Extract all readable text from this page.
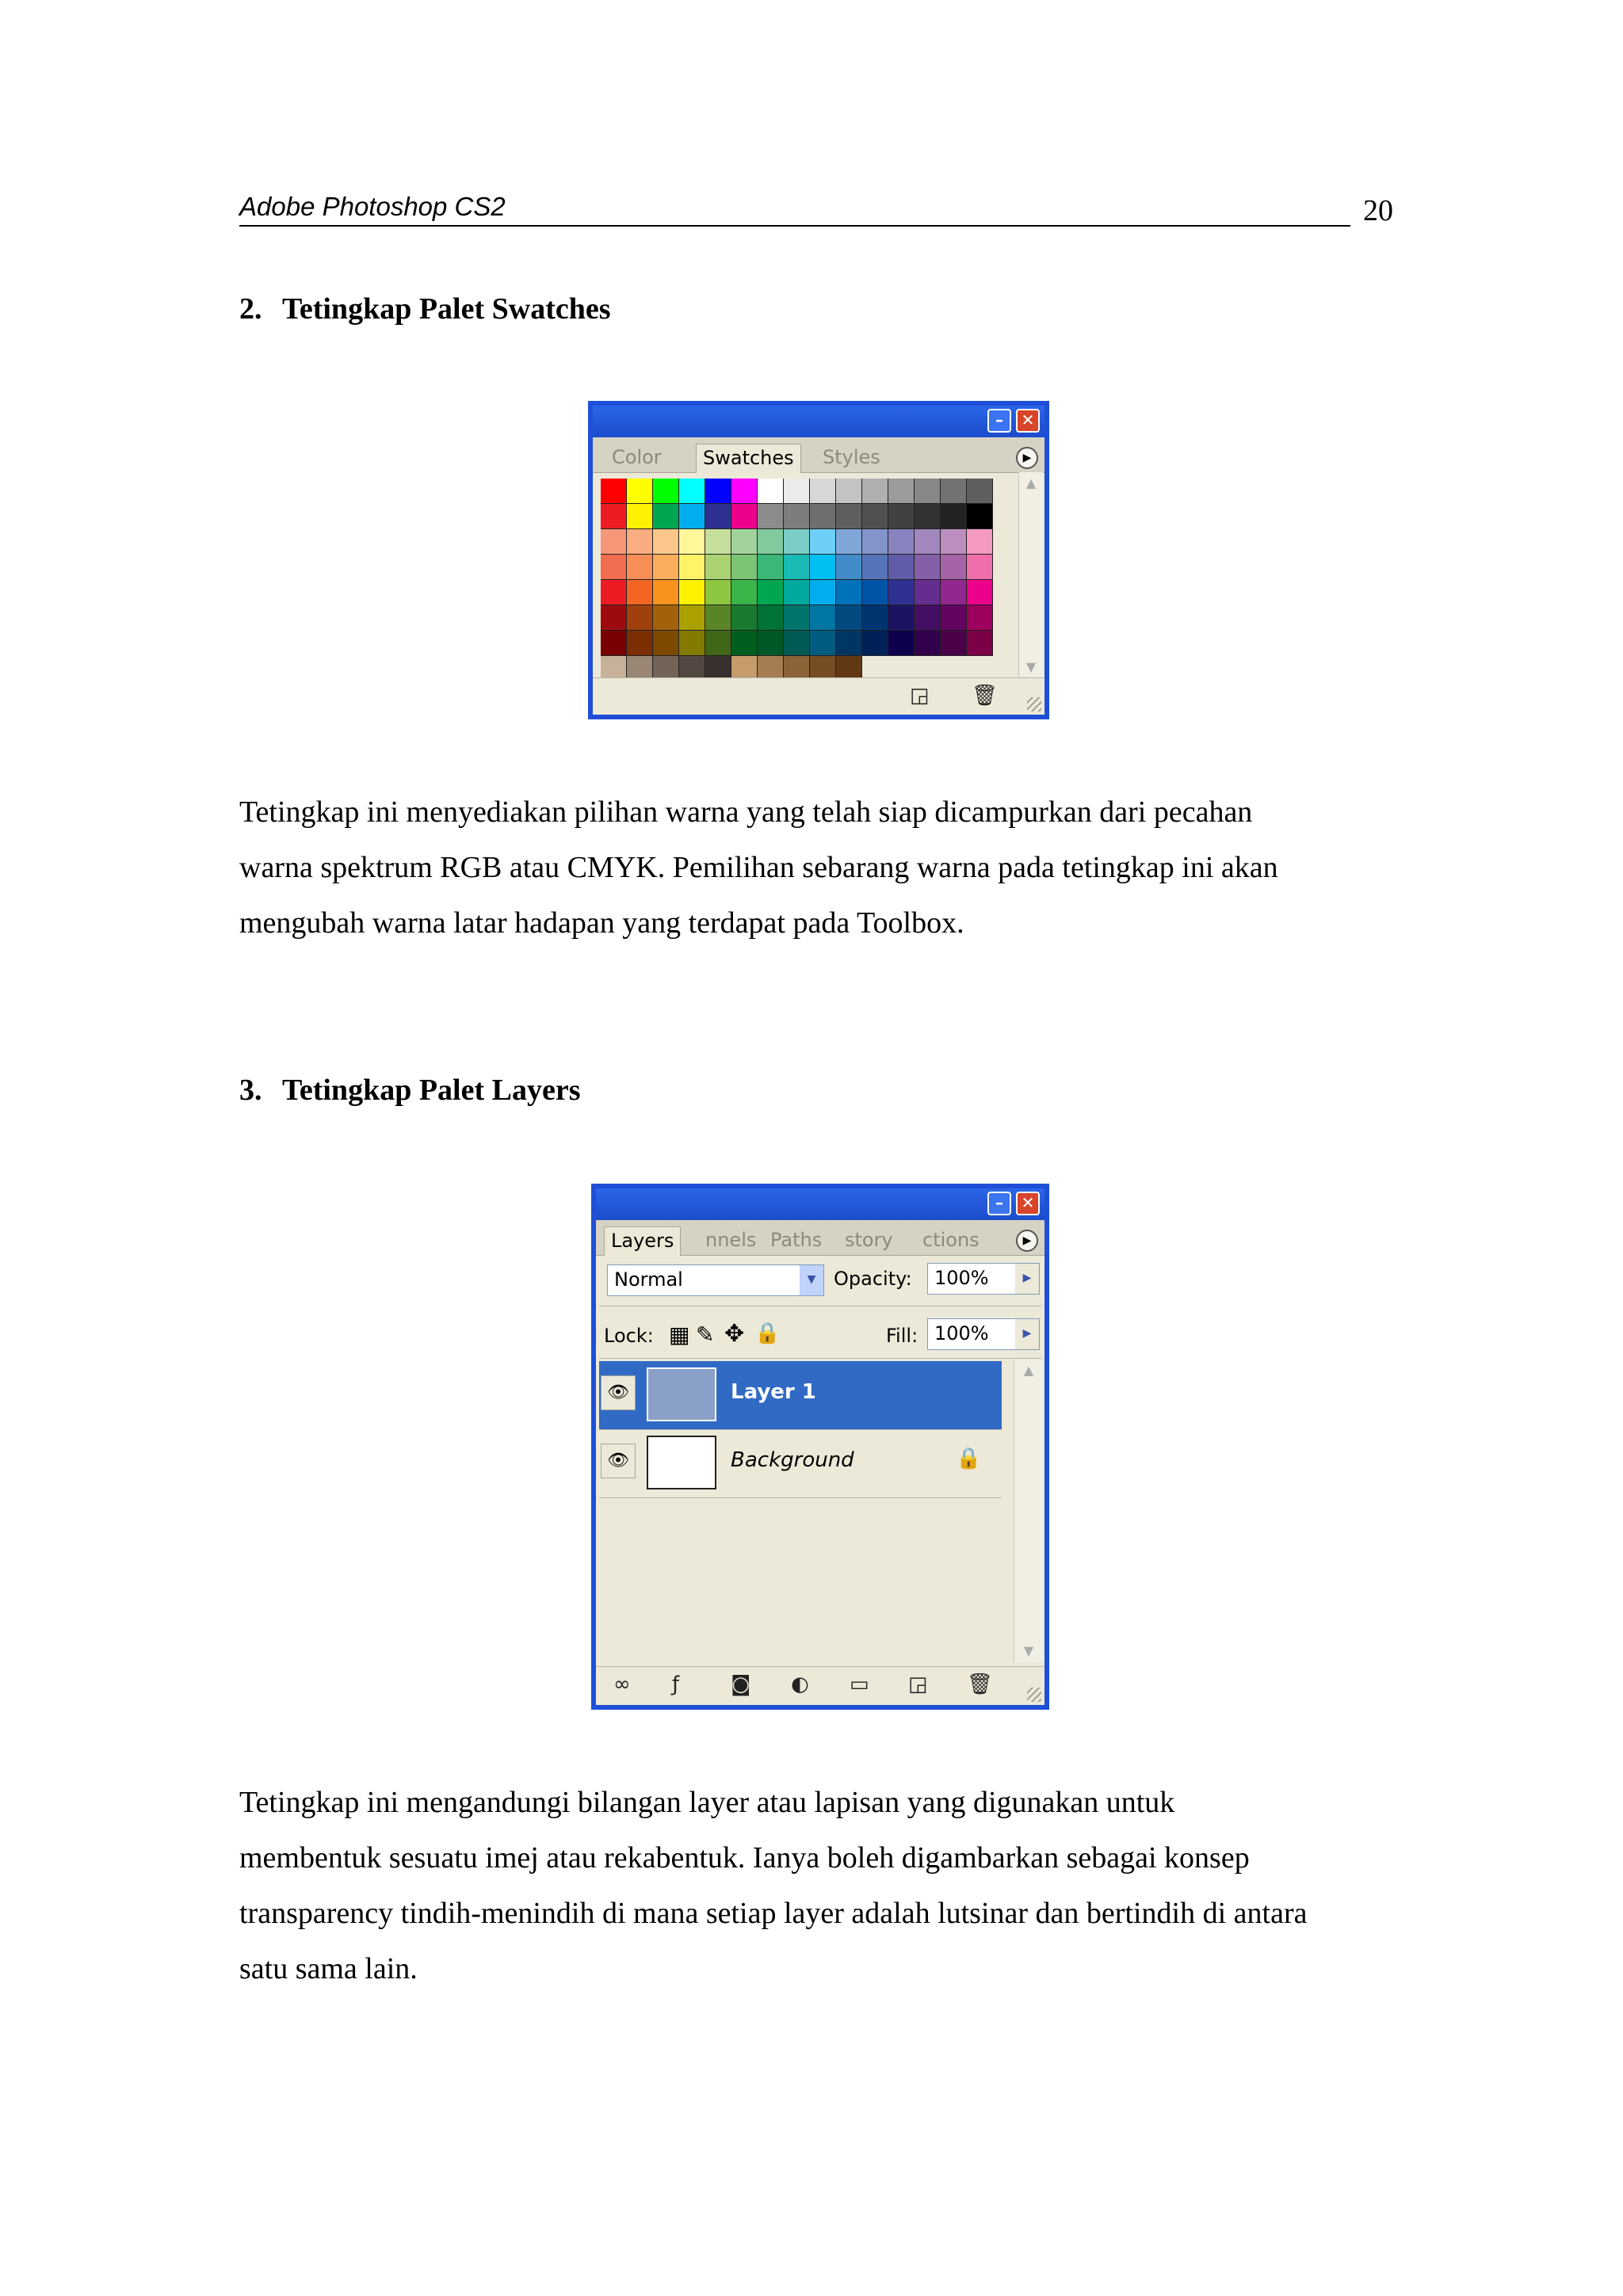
Adobe Photoshop CS2	20
2. Tetingkap Palet Swatches
–	✕
Color	Swatches	Styles	▶
▲
▼
◲ 🗑
Tetingkap ini menyediakan pilihan warna yang telah siap dicampurkan dari pecahan
warna spektrum RGB atau CMYK. Pemilihan sebarang warna pada tetingkap ini akan
mengubah warna latar hadapan yang terdapat pada Toolbox.
3. Tetingkap Palet Layers
–	✕
Layers	nnels Paths	story	ctions	▶
Normal	▼ Opacity:	100%	▶
Lock: ▦ ✎ ✥ 🔒	Fill: 100%	▶
👁	Layer 1
👁	Background	🔒
▲
▼
∞ ƒ ◙ ◐ ▭ ◲ 🗑
Tetingkap ini mengandungi bilangan layer atau lapisan yang digunakan untuk
membentuk sesuatu imej atau rekabentuk. Ianya boleh digambarkan sebagai konsep
transparency tindih-menindih di mana setiap layer adalah lutsinar dan bertindih di antara
satu sama lain.
